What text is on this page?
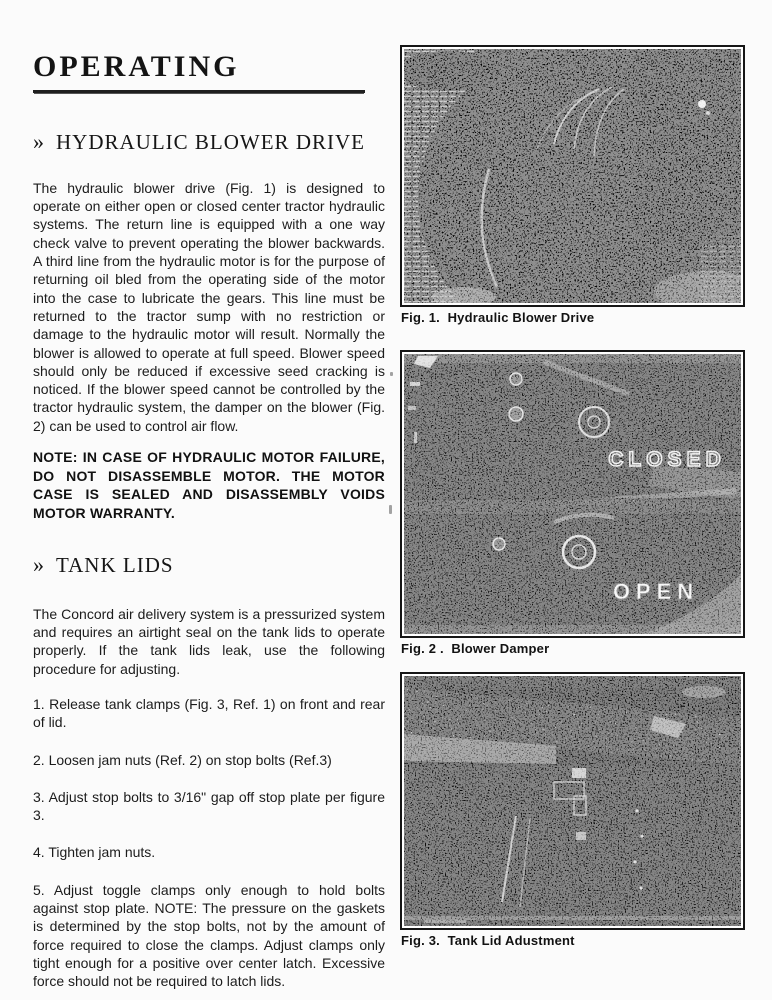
OPERATING
» HYDRAULIC BLOWER DRIVE

The hydraulic blower drive (Fig. 1) is designed to operate on either open or closed center tractor hydraulic systems. The return line is equipped with a one way check valve to prevent operating the blower backwards. A third line from the hydraulic motor is for the purpose of returning oil bled from the operating side of the motor into the case to lubricate the gears. This line must be returned to the tractor sump with no restriction or damage to the hydraulic motor will result. Normally the blower is allowed to operate at full speed. Blower speed should only be reduced if excessive seed cracking is noticed. If the blower speed cannot be controlled by the tractor hydraulic system, the damper on the blower (Fig. 2) can be used to control air flow.

NOTE: IN CASE OF HYDRAULIC MOTOR FAILURE, DO NOT DISASSEMBLE MOTOR. THE MOTOR CASE IS SEALED AND DISASSEMBLY VOIDS MOTOR WARRANTY.

» TANK LIDS

The Concord air delivery system is a pressurized system and requires an airtight seal on the tank lids to operate properly. If the tank lids leak, use the following procedure for adjusting.

1. Release tank clamps (Fig. 3, Ref. 1) on front and rear of lid.
2. Loosen jam nuts (Ref. 2) on stop bolts (Ref.3)
3. Adjust stop bolts to 3/16" gap off stop plate per figure 3.
4. Tighten jam nuts.
5. Adjust toggle clamps only enough to hold bolts against stop plate. NOTE: The pressure on the gaskets is determined by the stop bolts, not by the amount of force required to close the clamps. Adjust clamps only tight enough for a positive over center latch. Excessive force should not be required to latch lids.
Fig. 1.  Hydraulic Blower Drive
Fig. 2 .  Blower Damper
Fig. 3.  Tank Lid Adustment
